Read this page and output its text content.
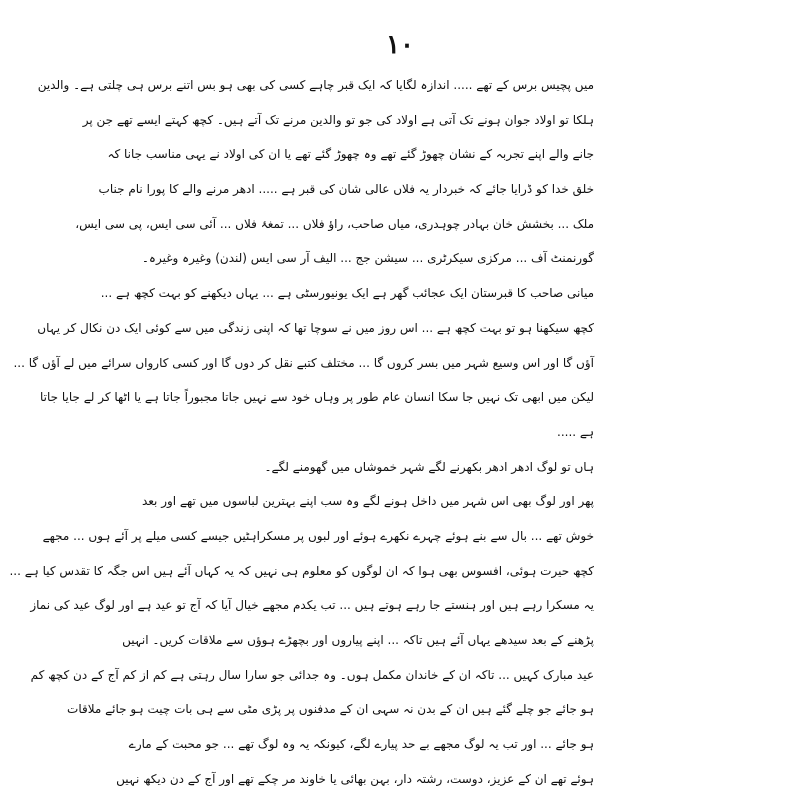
۱۰
میں پچیس برس کے تھے ..... اندازہ لگایا کہ ایک قبر چاہے کسی کی بھی ہو بس اتنے برس ہی چلتی ہے۔ والدین
ہلکا تو اولاد جوان ہونے تک آتی ہے اولاد کی جو تو والدین مرنے تک آتے ہیں۔ کچھ کہتے ایسے تھے جن پر
جانے والے اپنے تجربہ کے نشان چھوڑ گئے تھے وہ چھوڑ گئے تھے یا ان کی اولاد نے یہی مناسب جانا کہ
خلق خدا کو ڈرایا جائے کہ خبردار یہ فلاں عالی شان کی قبر ہے ..... ادھر مرنے والے کا پورا نام جناب
ملک ... بخشش خان بہادر چوہدری، میاں صاحب، راؤ فلاں ... تمغۂ فلاں ... آئی سی ایس، پی سی ایس،
گورنمنٹ آف ... مرکزی سیکرٹری ... سیشن جج ... الیف آر سی ایس (لندن) وغیرہ وغیرہ۔
میانی صاحب کا قبرستان ایک عجائب گھر ہے ایک یونیورسٹی ہے ... یہاں دیکھنے کو بہت کچھ ہے ...
کچھ سیکھنا ہو تو بہت کچھ ہے ... اس روز میں نے سوچا تھا کہ اپنی زندگی میں سے کوئی ایک دن نکال کر یہاں
آؤں گا اور اس وسیع شہر میں بسر کروں گا ... مختلف کتبے نقل کر دوں گا اور کسی کارواں سرائے میں لے آؤں گا ...
لیکن میں ابھی تک نہیں جا سکا انسان عام طور پر وہاں خود سے نہیں جاتا مجبوراً جاتا ہے یا اٹھا کر لے جایا جاتا
ہے .....
ہاں تو لوگ ادھر ادھر بکھرنے لگے شہر خموشاں میں گھومنے لگے۔
پھر اور لوگ بھی اس شہر میں داخل ہونے لگے وہ سب اپنے بہترین لباسوں میں تھے اور بعد
خوش تھے ... بال سے بنے ہوئے چہرے نکھرے ہوئے اور لبوں پر مسکراہٹیں جیسے کسی میلے پر آئے ہوں ... مجھے
کچھ حیرت ہوئی، افسوس بھی ہوا کہ ان لوگوں کو معلوم ہی نہیں کہ یہ کہاں آئے ہیں اس جگہ کا تقدس کیا ہے ...
یہ مسکرا رہے ہیں اور ہنستے جا رہے ہوتے ہیں ... تب یکدم مجھے خیال آیا کہ آج تو عید ہے اور لوگ عید کی نماز
پڑھنے کے بعد سیدھے یہاں آئے ہیں تاکہ ... اپنے پیاروں اور بچھڑے ہوؤں سے ملاقات کریں۔ انہیں
عید مبارک کہیں ... تاکہ ان کے خاندان مکمل ہوں۔ وہ جدائی جو سارا سال رہتی ہے کم از کم آج کے دن کچھ کم
ہو جائے جو چلے گئے ہیں ان کے بدن نہ سہی ان کے مدفنوں پر پڑی مٹی سے ہی بات چیت ہو جائے ملاقات
ہو جائے ... اور تب یہ لوگ مجھے بے حد پیارے لگے، کیونکہ یہ وہ لوگ تھے ... جو محبت کے مارے
ہوئے تھے ان کے عزیز، دوست، رشتہ دار، بہن بھائی یا خاوند مر چکے تھے اور آج کے دن دیکھ نہیں
